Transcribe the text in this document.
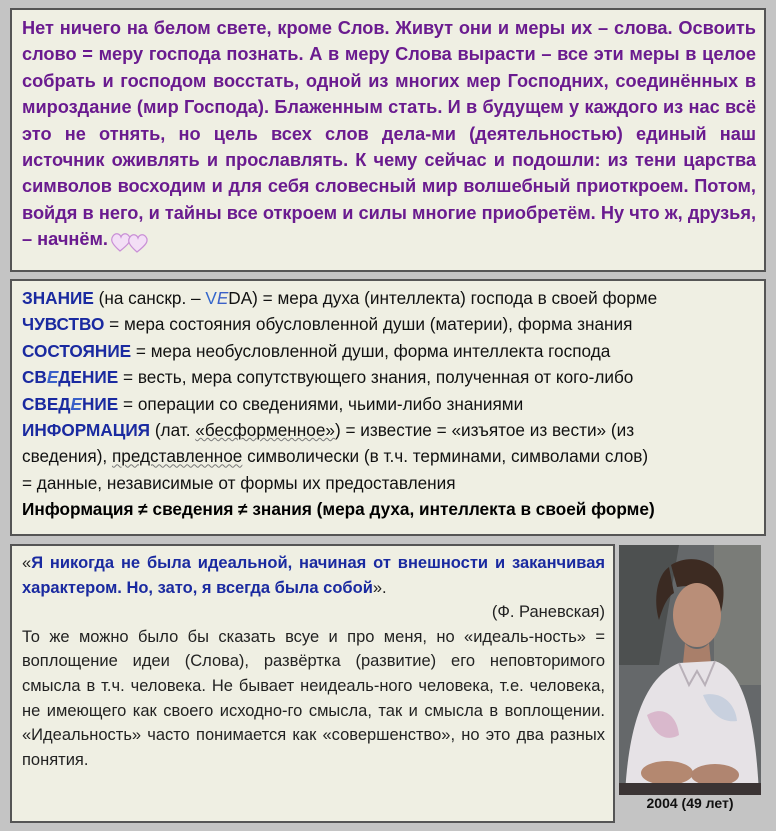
Нет ничего на белом свете, кроме Слов. Живут они и меры их – слова. Освоить слово = меру господа познать. А в меру Слова вырасти – все эти меры в целое собрать и господом восстать, одной из многих мер Господних, соединённых в мироздание (мир Господа). Блаженным стать. И в будущем у каждого из нас всё это не отнять, но цель всех слов дела-ми (деятельностью) единый наш источник оживлять и прославлять. К чему сейчас и подошли: из тени царства символов восходим и для себя словесный мир волшебный приоткроем. Потом, войдя в него, и тайны все откроем и силы многие приобретём. Ну что ж, друзья, – начнём.

ЗНАНИЕ (на санскр. – VEDA) = мера духа (интеллекта) господа в своей форме
ЧУВСТВО = мера состояния обусловленной души (материи), форма знания
СОСТОЯНИЕ = мера необусловленной души, форма интеллекта господа
СВЕДЕНИЕ = весть, мера сопутствующего знания, полученная от кого-либо
СВЕДЕНИЕ = операции со сведениями, чьими-либо знаниями
ИНФОРМАЦИЯ (лат. «бесформенное») = известие = «изъятое из вести» (из
сведения), представленное символически (в т.ч. терминами, символами слов)
= данные, независимые от формы их предоставления
Информация ≠ сведения ≠ знания (мера духа, интеллекта в своей форме)
«Я никогда не была идеальной, начиная от внешности и заканчивая характером. Но, зато, я всегда была собой».
(Ф. Раневская)
То же можно было бы сказать всуе и про меня, но «идеаль-ность» = воплощение идеи (Слова), развёртка (развитие) его неповторимого смысла в т.ч. человека. Не бывает неидеаль-ного человека, т.е. человека, не имеющего как своего исходно-го смысла, так и смысла в воплощении. «Идеальность» часто понимается как «совершенство», но это два разных понятия.
2004 (49 лет)
